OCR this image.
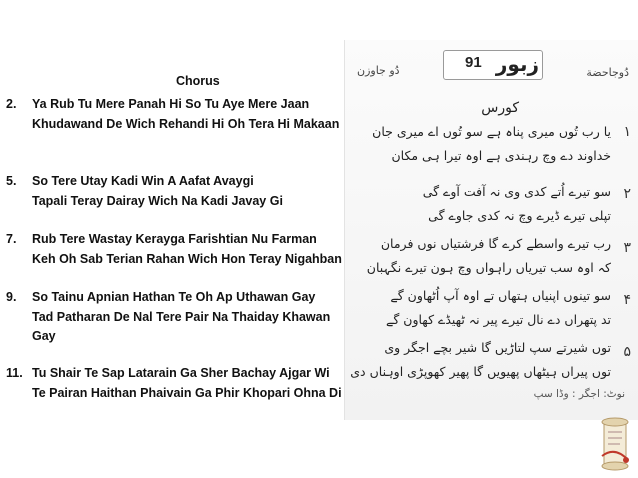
91 زبور
دُو جاوزن	دُوجاحضة
کورس
۱
یا رب تُوں میری پناہ ہے سو تُوں اے میری جان
خداوند دے وچ رہندی ہے اوہ تیرا ہی مکان
۲
سو تیرے اُتے کدی وی نہ آفت آوے گی
تپلی تیرے ڈیرے وچ نہ کدی جاوے گی
۳
رب تیرے واسطے کرے گا فرشتیاں نوں فرمان
کہ اوہ سب تیریاں راہواں وچ ہون تیرے نگہبان
۴
سو تینوں اپنیاں ہتھاں تے اوہ آپ اُٹھاون گے
تد پتھراں دے نال تیرے پیر نہ ٹھیڈے کھاون گے
۵
توں شیرتے سپ لتاڑیں گا شیر بچے اجگر وی
توں پیراں ہیٹھاں پھیویں گا پھیر کھوپڑی اوہناں دی
نوٹ: اجگر : وڈا سپ
Chorus
2. Ya Rub Tu Mere Panah Hi So Tu Aye Mere Jaan
Khudawand De Wich Rehandi Hi Oh Tera Hi Makaan
5. So Tere Utay Kadi Win A Aafat Avaygi
Tapali Teray Dairay Wich Na Kadi Javay Gi
7. Rub Tere Wastay Kerayga Farishtian Nu Farman
Keh Oh Sab Terian Rahan Wich Hon Teray Nigahban
9. So Tainu Apnian Hathan Te Oh Ap Uthawan Gay
Tad Patharan De Nal Tere Pair Na Thaiday Khawan
Gay
11. Tu Shair Te Sap Latarain Ga Sher Bachay Ajgar Wi
Te Pairan Haithan Phaivain Ga Phir Khopari Ohna Di
